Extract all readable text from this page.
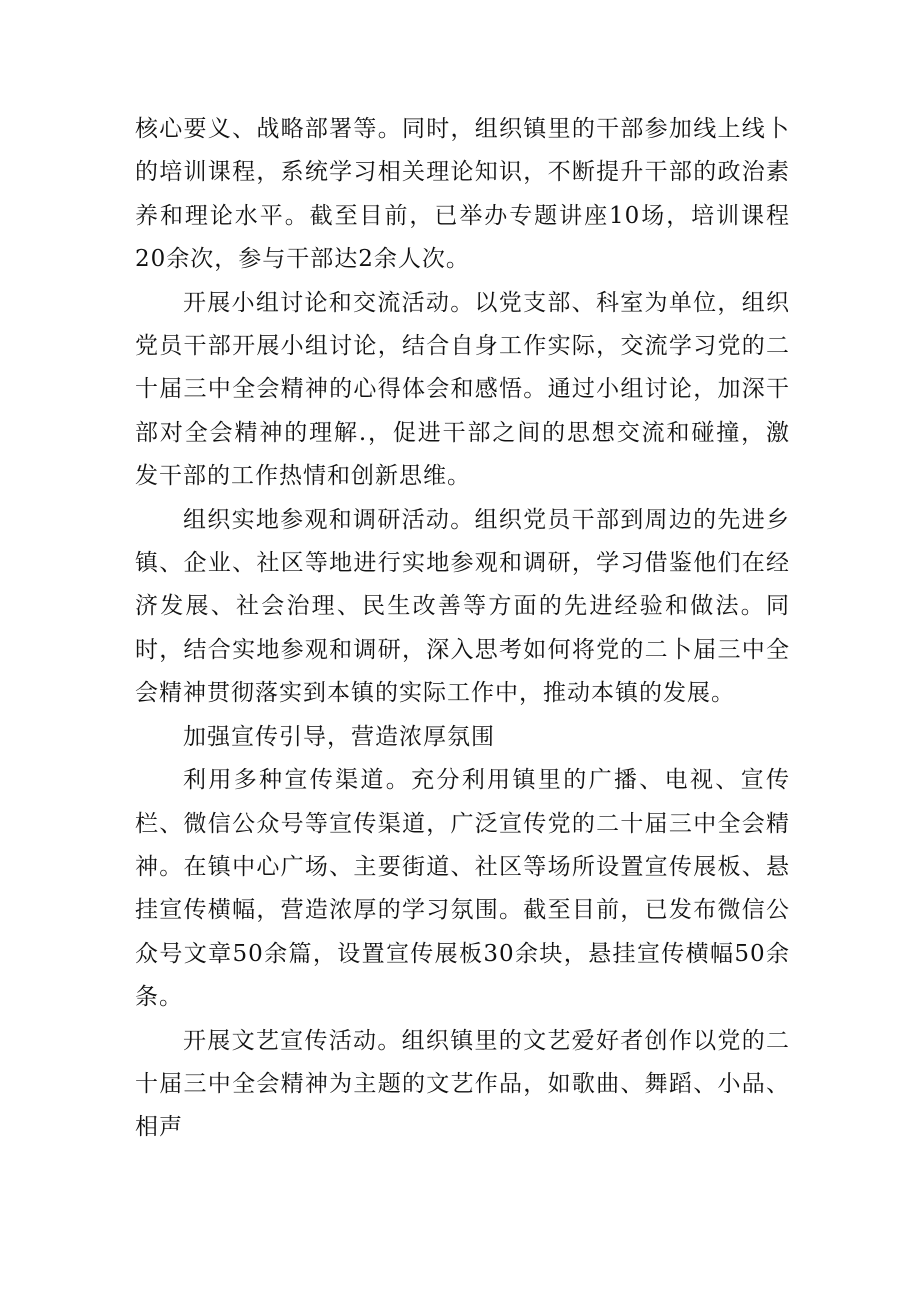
核心要义、战略部署等。同时，组织镇里的干部参加线上线卜的培训课程，系统学习相关理论知识，不断提升干部的政治素养和理论水平。截至目前，已举办专题讲座10场，培训课程20余次，参与干部达2余人次。

开展小组讨论和交流活动。以党支部、科室为单位，组织党员干部开展小组讨论，结合自身工作实际，交流学习党的二十届三中全会精神的心得体会和感悟。通过小组讨论，加深干部对全会精神的理解.，促进干部之间的思想交流和碰撞，激发干部的工作热情和创新思维。

组织实地参观和调研活动。组织党员干部到周边的先进乡镇、企业、社区等地进行实地参观和调研，学习借鉴他们在经济发展、社会治理、民生改善等方面的先进经验和做法。同时，结合实地参观和调研，深入思考如何将党的二卜届三中全会精神贯彻落实到本镇的实际工作中，推动本镇的发展。

加强宣传引导，营造浓厚氛围

利用多种宣传渠道。充分利用镇里的广播、电视、宣传栏、微信公众号等宣传渠道，广泛宣传党的二十届三中全会精神。在镇中心广场、主要街道、社区等场所设置宣传展板、悬挂宣传横幅，营造浓厚的学习氛围。截至目前，已发布微信公众号文章50余篇，设置宣传展板30余块，悬挂宣传横幅50余条。

开展文艺宣传活动。组织镇里的文艺爱好者创作以党的二十届三中全会精神为主题的文艺作品，如歌曲、舞蹈、小品、相声
